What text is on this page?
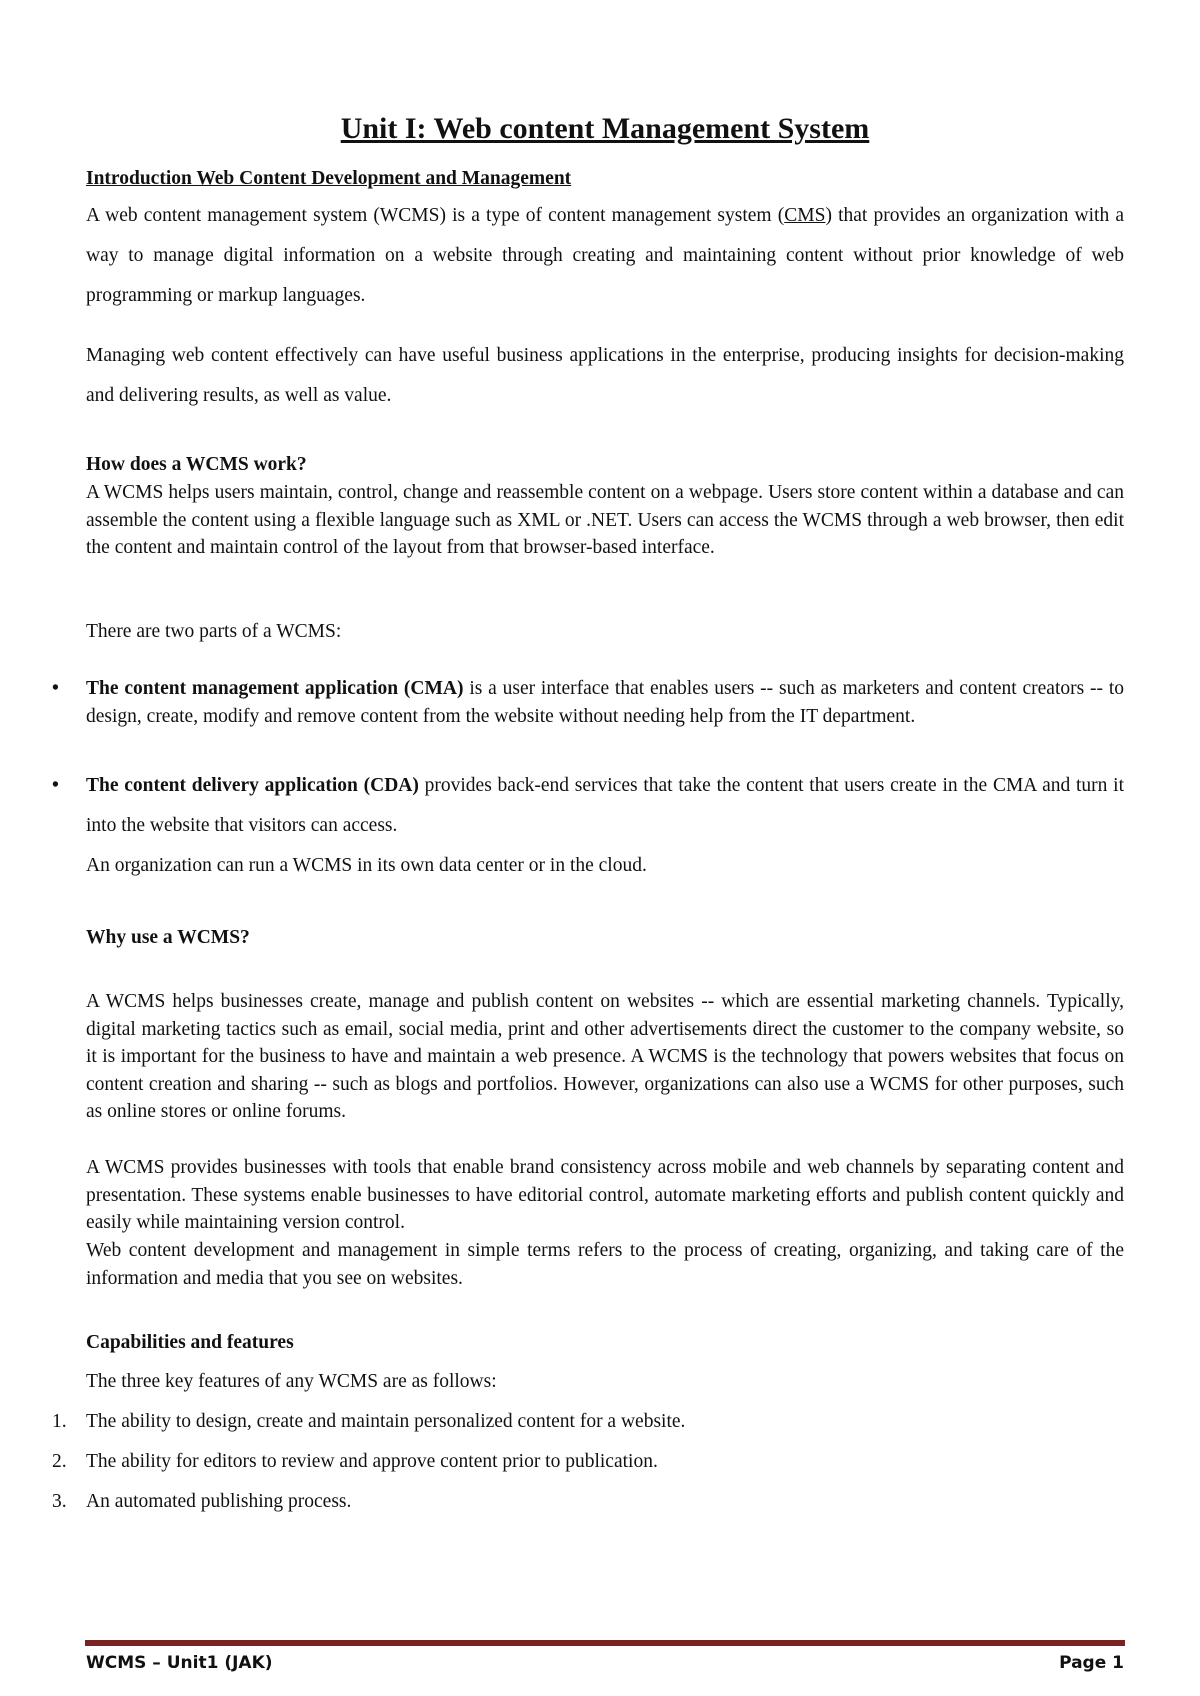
Unit I: Web content Management System

Introduction Web Content Development and Management

A web content management system (WCMS) is a type of content management system (CMS) that provides an organization with a way to manage digital information on a website through creating and maintaining content without prior knowledge of web programming or markup languages.

Managing web content effectively can have useful business applications in the enterprise, producing insights for decision-making and delivering results, as well as value.

How does a WCMS work?

A WCMS helps users maintain, control, change and reassemble content on a webpage. Users store content within a database and can assemble the content using a flexible language such as XML or .NET. Users can access the WCMS through a web browser, then edit the content and maintain control of the layout from that browser-based interface.

There are two parts of a WCMS:

• The content management application (CMA) is a user interface that enables users -- such as marketers and content creators -- to design, create, modify and remove content from the website without needing help from the IT department.
• The content delivery application (CDA) provides back-end services that take the content that users create in the CMA and turn it into the website that visitors can access.

An organization can run a WCMS in its own data center or in the cloud.

Why use a WCMS?

A WCMS helps businesses create, manage and publish content on websites -- which are essential marketing channels. Typically, digital marketing tactics such as email, social media, print and other advertisements direct the customer to the company website, so it is important for the business to have and maintain a web presence. A WCMS is the technology that powers websites that focus on content creation and sharing -- such as blogs and portfolios. However, organizations can also use a WCMS for other purposes, such as online stores or online forums.

A WCMS provides businesses with tools that enable brand consistency across mobile and web channels by separating content and presentation. These systems enable businesses to have editorial control, automate marketing efforts and publish content quickly and easily while maintaining version control.

Web content development and management in simple terms refers to the process of creating, organizing, and taking care of the information and media that you see on websites.

Capabilities and features

The three key features of any WCMS are as follows:

1. The ability to design, create and maintain personalized content for a website.
2. The ability for editors to review and approve content prior to publication.
3. An automated publishing process.
WCMS – Unit1 (JAK)	Page 1
